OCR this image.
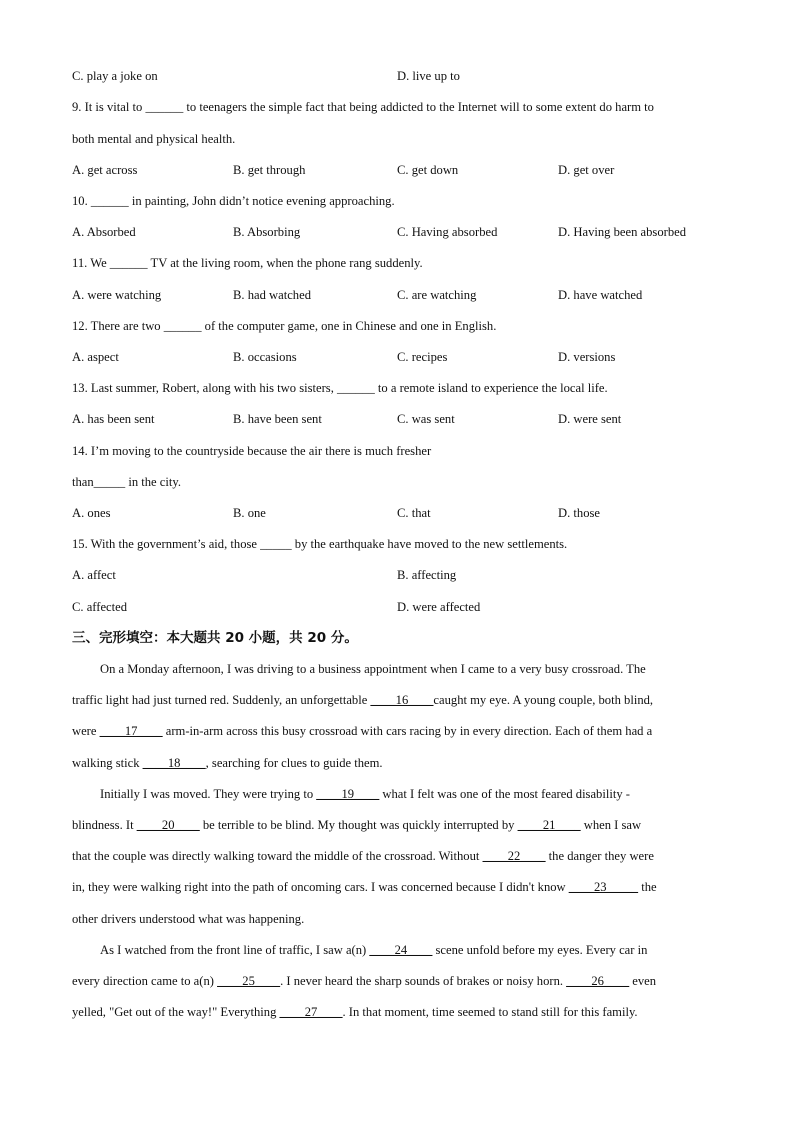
C. play a joke on	D. live up to
9. It is vital to ______ to teenagers the simple fact that being addicted to the Internet will to some extent do harm to
both mental and physical health.
A. get across	B. get through	C. get down	D. get over
10. ______ in painting, John didn’t notice evening approaching.
A. Absorbed	B. Absorbing	C. Having absorbed	D. Having been absorbed
11. We ______ TV at the living room, when the phone rang suddenly.
A. were watching	B. had watched	C. are watching	D. have watched
12. There are two ______ of the computer game, one in Chinese and one in English.
A. aspect	B. occasions	C. recipes	D. versions
13. Last summer, Robert, along with his two sisters, ______ to a remote island to experience the local life.
A. has been sent	B. have been sent	C. was sent	D. were sent
14. I’m moving to the countryside because the air there is much fresher
than_____ in the city.
A. ones	B. one	C. that	D. those
15. With the government’s aid, those _____ by the earthquake have moved to the new settlements.
A. affect	B. affecting
C. affected	D. were affected
三、完形填空：本大题共 20 小题，共 20 分。
On a Monday afternoon, I was driving to a business appointment when I came to a very busy crossroad. The
traffic light had just turned red. Suddenly, an unforgettable ____16____caught my eye. A young couple, both blind,
were ____17____ arm-in-arm across this busy crossroad with cars racing by in every direction. Each of them had a
walking stick ____18____, searching for clues to guide them.
Initially I was moved. They were trying to ____19____ what I felt was one of the most feared disability -
blindness. It ____20____ be terrible to be blind. My thought was quickly interrupted by ____21____ when I saw
that the couple was directly walking toward the middle of the crossroad. Without ____22____ the danger they were
in, they were walking right into the path of oncoming cars. I was concerned because I didn't know ____23_____ the
other drivers understood what was happening.
As I watched from the front line of traffic, I saw a(n) ____24____ scene unfold before my eyes. Every car in
every direction came to a(n) ____25____. I never heard the sharp sounds of brakes or noisy horn. ____26____ even
yelled, "Get out of the way!" Everything ____27____. In that moment, time seemed to stand still for this family.
